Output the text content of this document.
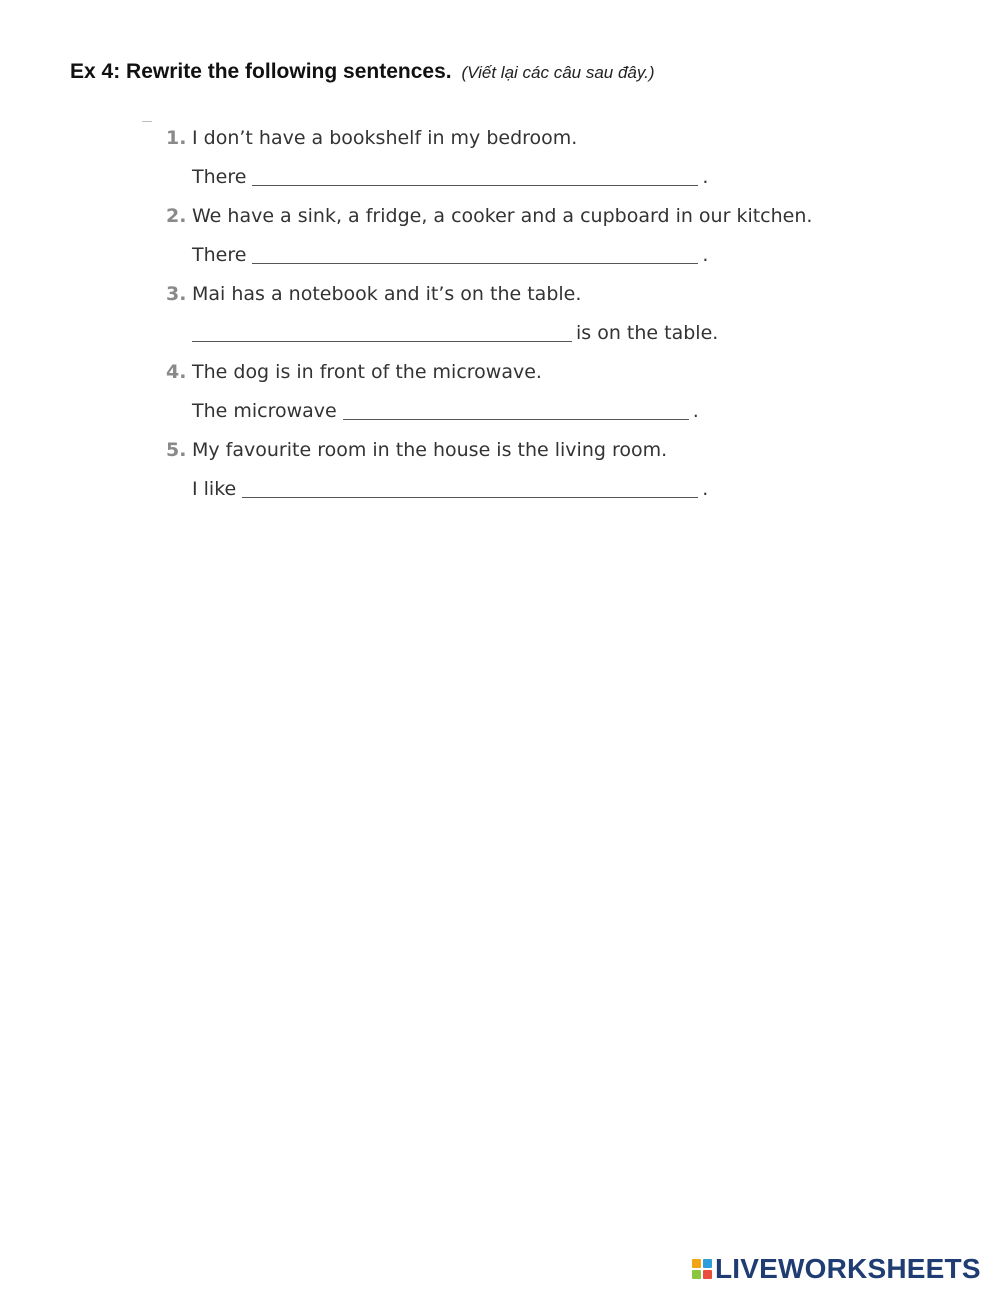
Ex 4: Rewrite the following sentences. (Viết lại các câu sau đây.)
1. I don’t have a bookshelf in my bedroom.
There	.
2. We have a sink, a fridge, a cooker and a cupboard in our kitchen.
There	.
3. Mai has a notebook and it’s on the table.
is on the table.
4. The dog is in front of the microwave.
The microwave	.
5. My favourite room in the house is the living room.
I like	.
LIVEWORKSHEETS
